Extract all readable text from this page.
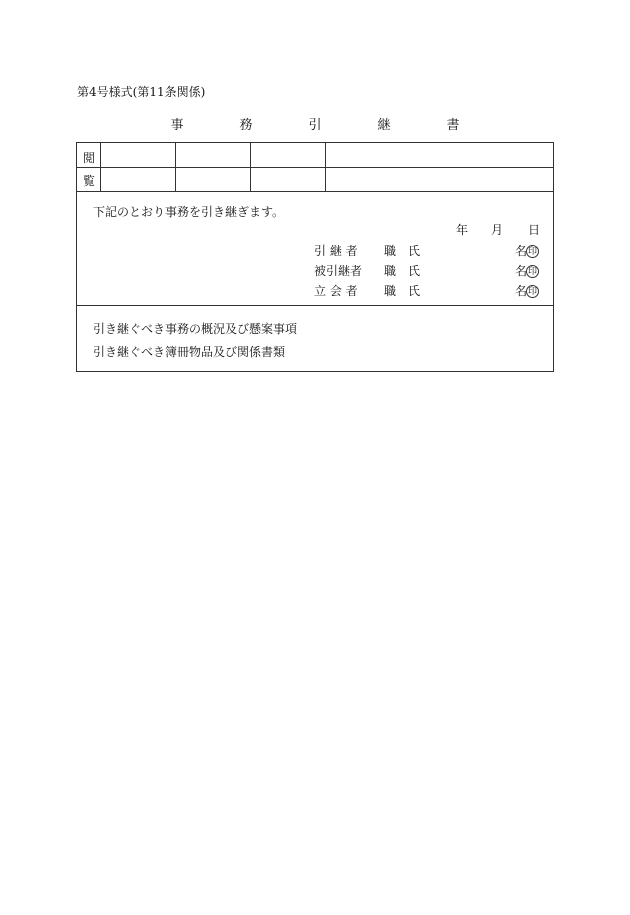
第4号様式(第11条関係)
事	務	引	継	書
閲
覧
下記のとおり事務を引き継ぎます。
年 月 日
引 継 者 職 氏	名印
被引継者 職 氏	名印
立 会 者 職 氏	名印
引き継ぐべき事務の概況及び懸案事項
引き継ぐべき簿冊物品及び関係書類
